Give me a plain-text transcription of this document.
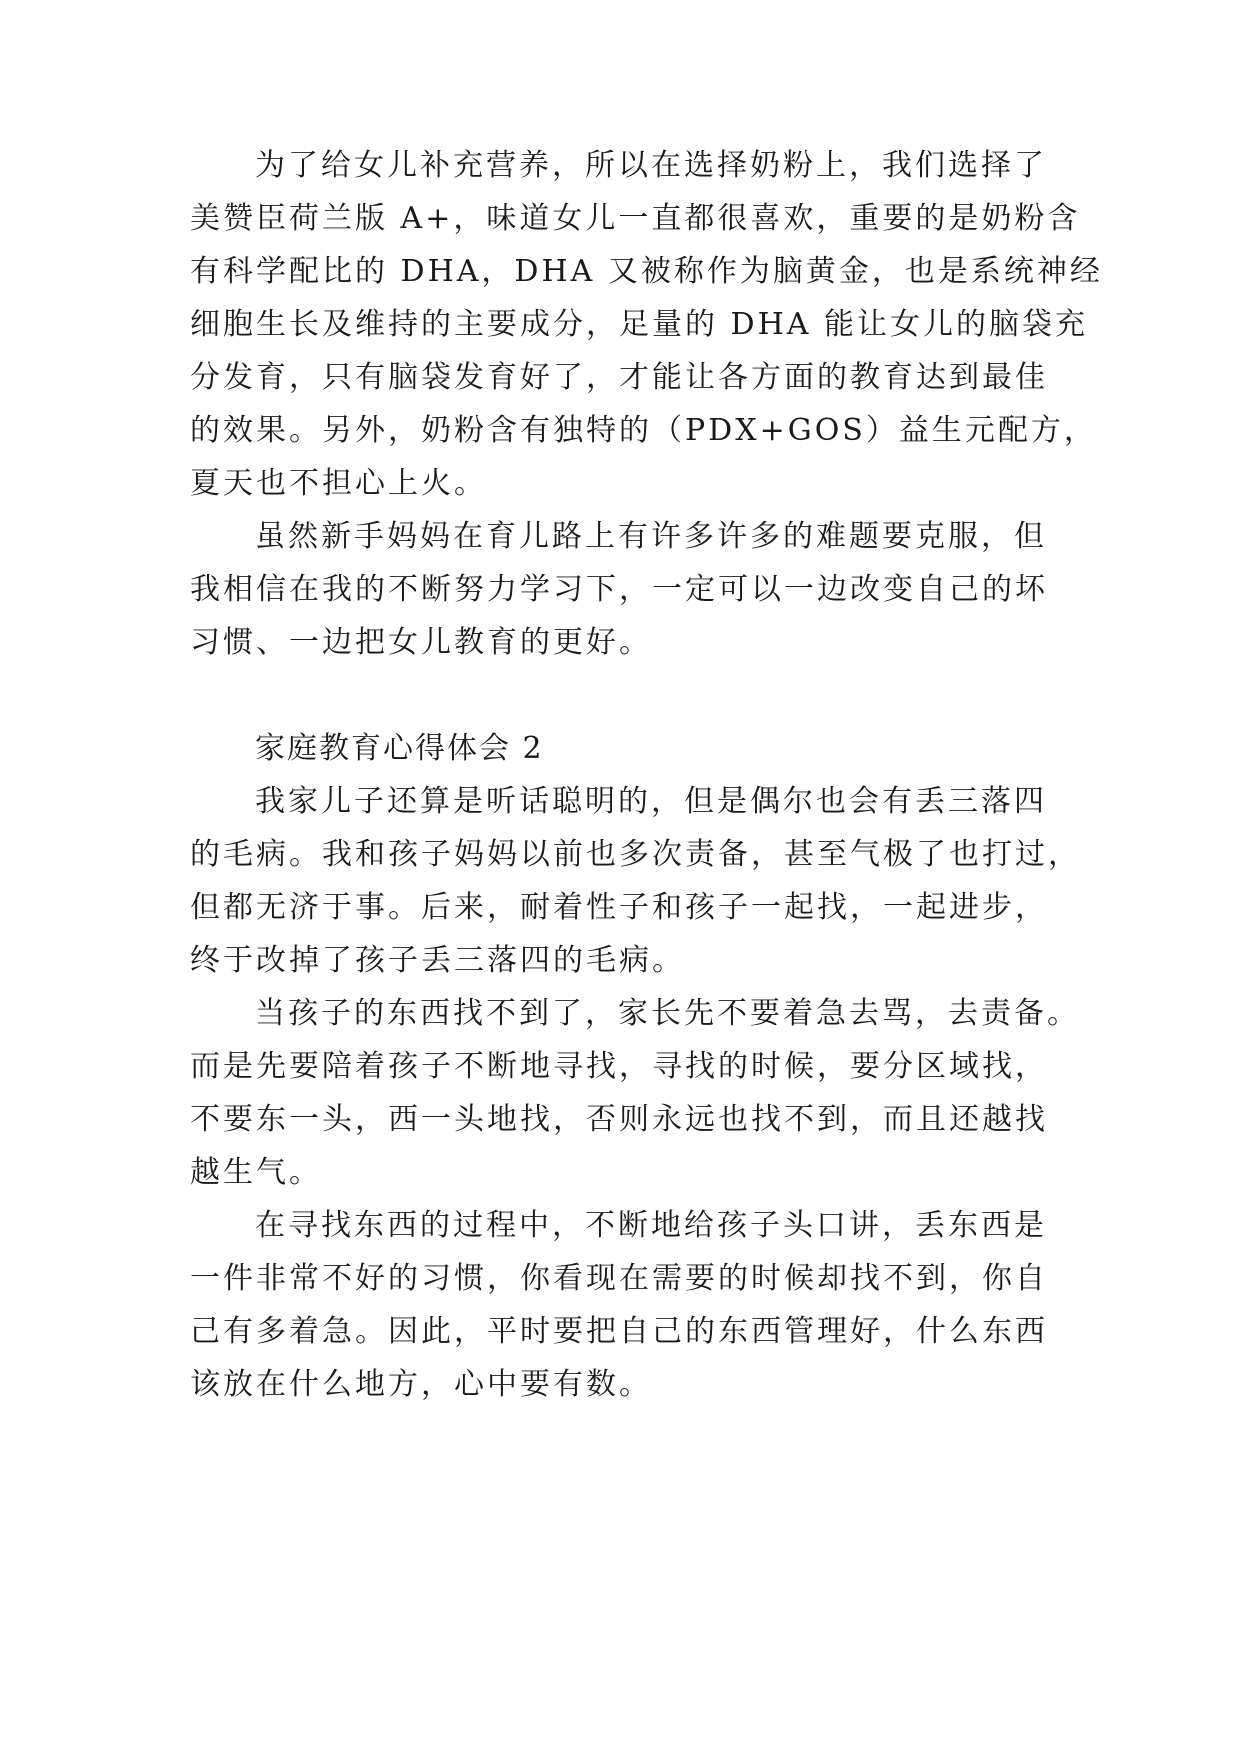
为了给女儿补充营养，所以在选择奶粉上，我们选择了
美赞臣荷兰版 A+，味道女儿一直都很喜欢，重要的是奶粉含
有科学配比的 DHA，DHA 又被称作为脑黄金，也是系统神经
细胞生长及维持的主要成分，足量的 DHA 能让女儿的脑袋充
分发育，只有脑袋发育好了，才能让各方面的教育达到最佳
的效果。另外，奶粉含有独特的（PDX+GOS）益生元配方，
夏天也不担心上火。
虽然新手妈妈在育儿路上有许多许多的难题要克服，但
我相信在我的不断努力学习下，一定可以一边改变自己的坏
习惯、一边把女儿教育的更好。
家庭教育心得体会 2
我家儿子还算是听话聪明的，但是偶尔也会有丢三落四
的毛病。我和孩子妈妈以前也多次责备，甚至气极了也打过，
但都无济于事。后来，耐着性子和孩子一起找，一起进步，
终于改掉了孩子丢三落四的毛病。
当孩子的东西找不到了，家长先不要着急去骂，去责备。
而是先要陪着孩子不断地寻找，寻找的时候，要分区域找，
不要东一头，西一头地找，否则永远也找不到，而且还越找
越生气。
在寻找东西的过程中，不断地给孩子头口讲，丢东西是
一件非常不好的习惯，你看现在需要的时候却找不到，你自
己有多着急。因此，平时要把自己的东西管理好，什么东西
该放在什么地方，心中要有数。
